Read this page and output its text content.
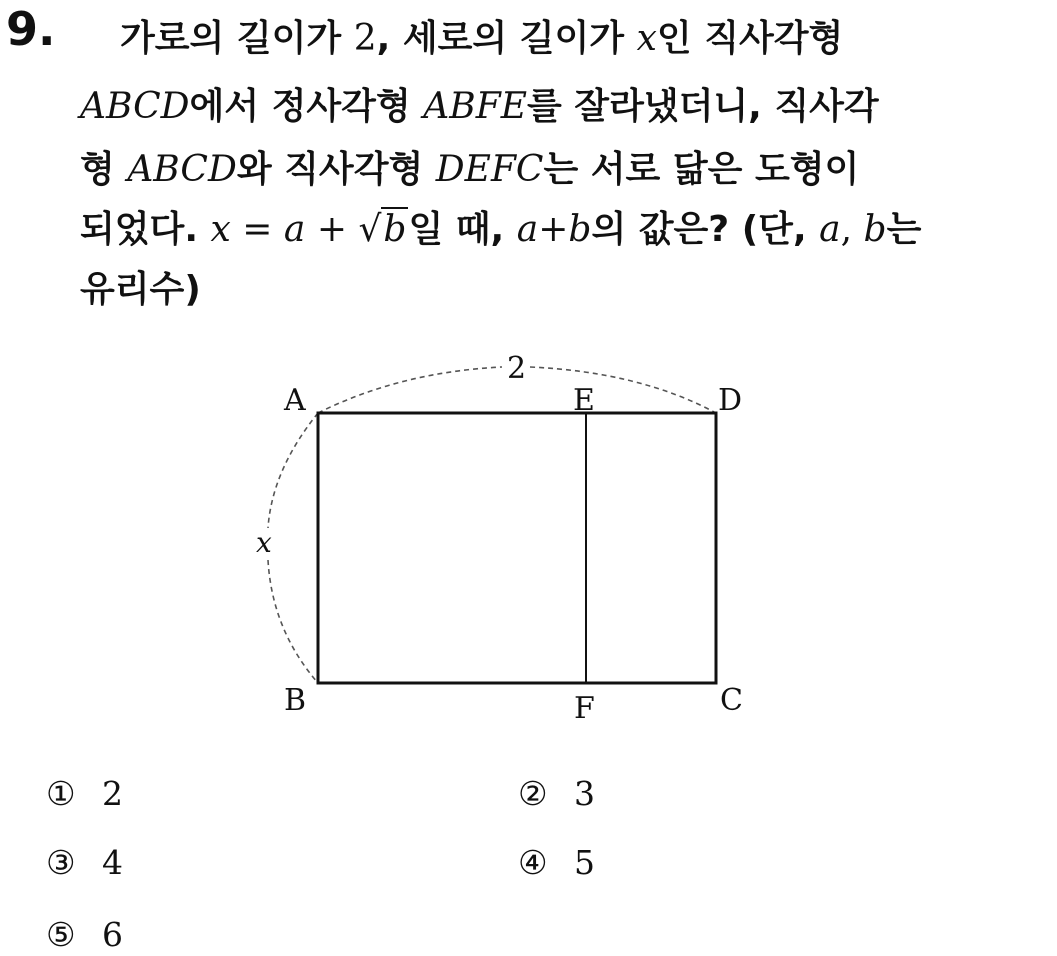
9. 가로의 길이가 2, 세로의 길이가 x인 직사각형
ABCD에서 정사각형 ABFE를 잘라냈더니, 직사각
형 ABCD와 직사각형 DEFC는 서로 닮은 도형이
되었다. x = a + √b일 때, a+b의 값은? (단, a, b는
유리수)
A	E	D
B	F	C
2
x
① 2	② 3
③ 4	④ 5
⑤ 6
